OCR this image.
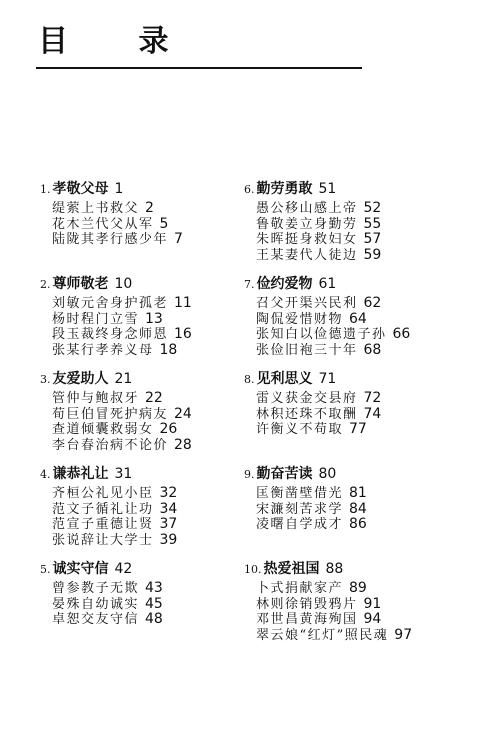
目 录
1. 孝敬父母 1
缇萦上书救父 2
花木兰代父从军 5
陆陇其孝行感少年 7
2. 尊师敬老 10
刘敏元舍身护孤老 11
杨时程门立雪 13
段玉裁终身念师恩 16
张某行孝养义母 18
3. 友爱助人 21
管仲与鲍叔牙 22
荀巨伯冒死护病友 24
查道倾囊救弱女 26
李台春治病不论价 28
4. 谦恭礼让 31
齐桓公礼见小臣 32
范文子循礼让功 34
范宣子重德让贤 37
张说辞让大学士 39
5. 诚实守信 42
曾参教子无欺 43
晏殊自幼诚实 45
卓恕交友守信 48
6. 勤劳勇敢 51
愚公移山感上帝 52
鲁敬姜立身勤劳 55
朱晖挺身救妇女 57
王某妻代人徒边 59
7. 俭约爱物 61
召父开渠兴民利 62
陶侃爱惜财物 64
张知白以俭德遗子孙 66
张俭旧袍三十年 68
8. 见利思义 71
雷义获金交县府 72
林积还珠不取酬 74
许衡义不苟取 77
9. 勤奋苦读 80
匡衡凿壁借光 81
宋濂刻苦求学 84
凌曙自学成才 86
10. 热爱祖国 88
卜式捐献家产 89
林则徐销毁鸦片 91
邓世昌黄海殉国 94
翠云娘“红灯”照民魂 97
